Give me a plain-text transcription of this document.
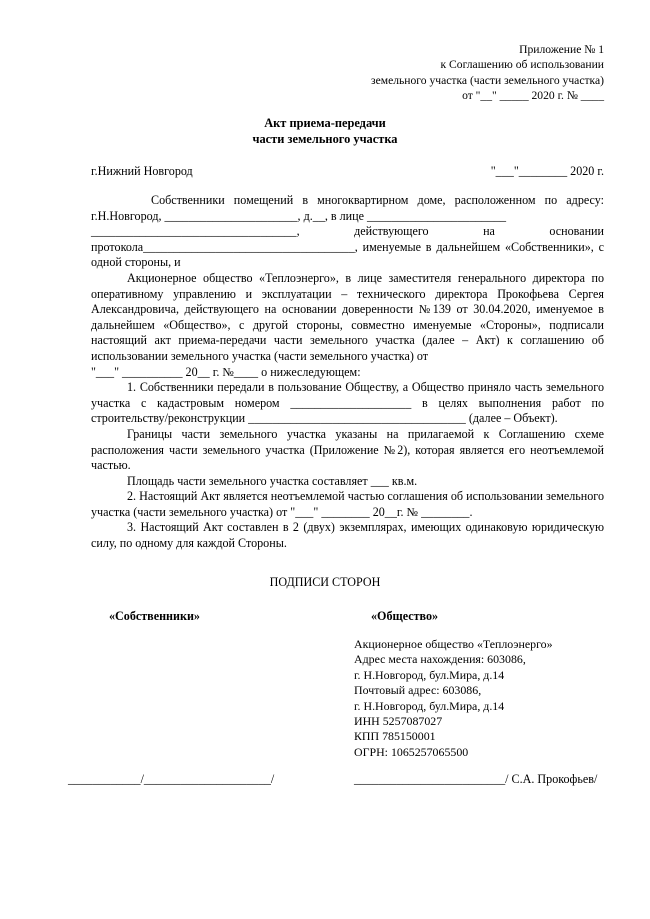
Приложение № 1
к Соглашению об использовании
земельного участка (части земельного участка)
от "__" _____ 2020 г. № ____
Акт приема-передачи
части земельного участка
г.Нижний Новгород	"___"________ 2020 г.

Собственники помещений в многоквартирном доме, расположенном по адресу: г.Н.Новгород, ______________________, д.__, в лице _______________________

__________________________________, действующего на основании протокола___________________________________, именуемые в дальнейшем «Собственники», с одной стороны, и

Акционерное общество «Теплоэнерго», в лице заместителя генерального директора по оперативному управлению и эксплуатации – технического директора Прокофьева Сергея Александровича, действующего на основании доверенности №139 от 30.04.2020, именуемое в дальнейшем «Общество», с другой стороны, совместно именуемые «Стороны», подписали настоящий акт приема-передачи части земельного участка (далее – Акт) к соглашению об использовании земельного участка (части земельного участка) от

"___" __________ 20__ г. №____ о нижеследующем:

1. Собственники передали в пользование Обществу, а Общество приняло часть земельного участка с кадастровым номером ____________________ в целях выполнения работ по строительству/реконструкции ____________________________________ (далее – Объект).

Границы части земельного участка указаны на прилагаемой к Соглашению схеме расположения части земельного участка (Приложение №2), которая является его неотъемлемой частью.

Площадь части земельного участка составляет ___ кв.м.

2. Настоящий Акт является неотъемлемой частью соглашения об использовании земельного участка (части земельного участка) от "___" ________ 20__г. № ________.

3. Настоящий Акт составлен в 2 (двух) экземплярах, имеющих одинаковую юридическую силу, по одному для каждой Стороны.

ПОДПИСИ СТОРОН
«Собственники»	«Общество»
Акционерное общество «Теплоэнерго»
Адрес места нахождения: 603086,
г. Н.Новгород, бул.Мира, д.14
Почтовый адрес: 603086,
г. Н.Новгород, бул.Мира, д.14
ИНН 5257087027
КПП 785150001
ОГРН: 1065257065500
____________/_____________________/	_________________________/ С.А. Прокофьев/
